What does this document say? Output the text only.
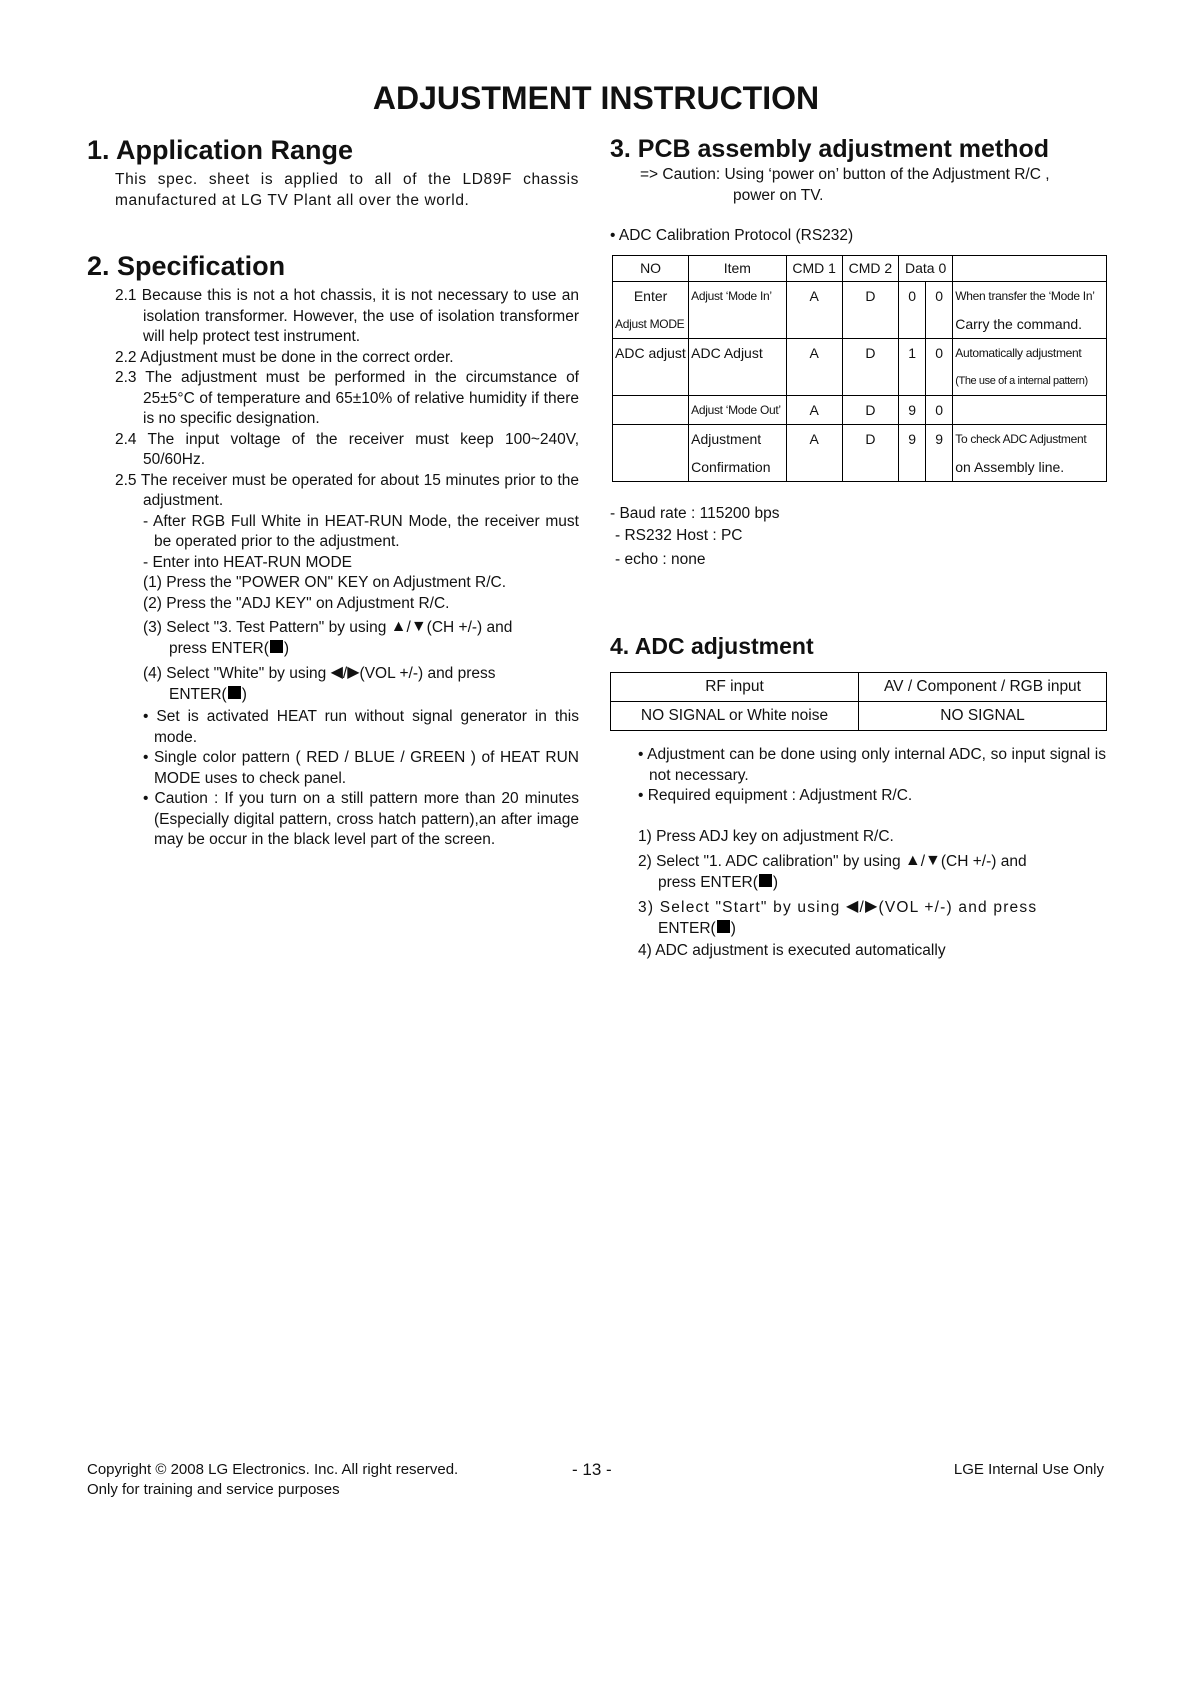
ADJUSTMENT INSTRUCTION
1. Application Range

This spec. sheet is applied to all of the LD89F chassis manufactured at LG TV Plant all over the world.

2. Specification

2.1 Because this is not a hot chassis, it is not necessary to use an isolation transformer. However, the use of isolation transformer will help protect test instrument.

2.2 Adjustment must be done in the correct order.

2.3 The adjustment must be performed in the circumstance of 25±5°C of temperature and 65±10% of relative humidity if there is no specific designation.

2.4 The input voltage of the receiver must keep 100~240V, 50/60Hz.

2.5 The receiver must be operated for about 15 minutes prior to the adjustment.

- After RGB Full White in HEAT-RUN Mode, the receiver must be operated prior to the adjustment.

- Enter into HEAT-RUN MODE

(1) Press the "POWER ON" KEY on Adjustment R/C.

(2) Press the "ADJ KEY" on Adjustment R/C.

(3) Select "3. Test Pattern" by using ▲/▼(CH +/-) and

press ENTER( )

(4) Select "White" by using ◀/▶(VOL +/-) and press

ENTER( )

• Set is activated HEAT run without signal generator in this mode.

• Single color pattern ( RED / BLUE / GREEN ) of HEAT RUN MODE uses to check panel.

• Caution : If you turn on a still pattern more than 20 minutes (Especially digital pattern, cross hatch pattern),an after image may be occur in the black level part of the screen.

3. PCB assembly adjustment method

=> Caution: Using ‘power on’ button of the Adjustment R/C ,

power on TV.

• ADC Calibration Protocol (RS232)

NO	Item	CMD 1	CMD 2	Data 0		
Enter	Adjust ‘Mode In’	A	D	0	0	When transfer the ‘Mode In’
Adjust MODE						Carry the command.
ADC adjust	ADC Adjust	A	D	1	0	Automatically adjustment
						(The use of a internal pattern)
	Adjust ‘Mode Out’	A	D	9	0	
	Adjustment	A	D	9	9	To check ADC Adjustment
	Confirmation					on Assembly line.

- Baud rate : 115200 bps

- RS232 Host : PC

- echo : none

4. ADC adjustment
RF input	AV / Component / RGB input
NO SIGNAL or White noise	NO SIGNAL

• Adjustment can be done using only internal ADC, so input signal is not necessary.

• Required equipment : Adjustment R/C.

1) Press ADJ key on adjustment R/C.

2) Select "1. ADC calibration" by using ▲/▼(CH +/-) and

press ENTER( )

3) Select "Start" by using ◀/▶(VOL +/-) and press

ENTER( )

4) ADC adjustment is executed automatically

Copyright © 2008 LG Electronics. Inc. All right reserved.
Only for training and service purposes
- 13 -	LGE Internal Use Only
